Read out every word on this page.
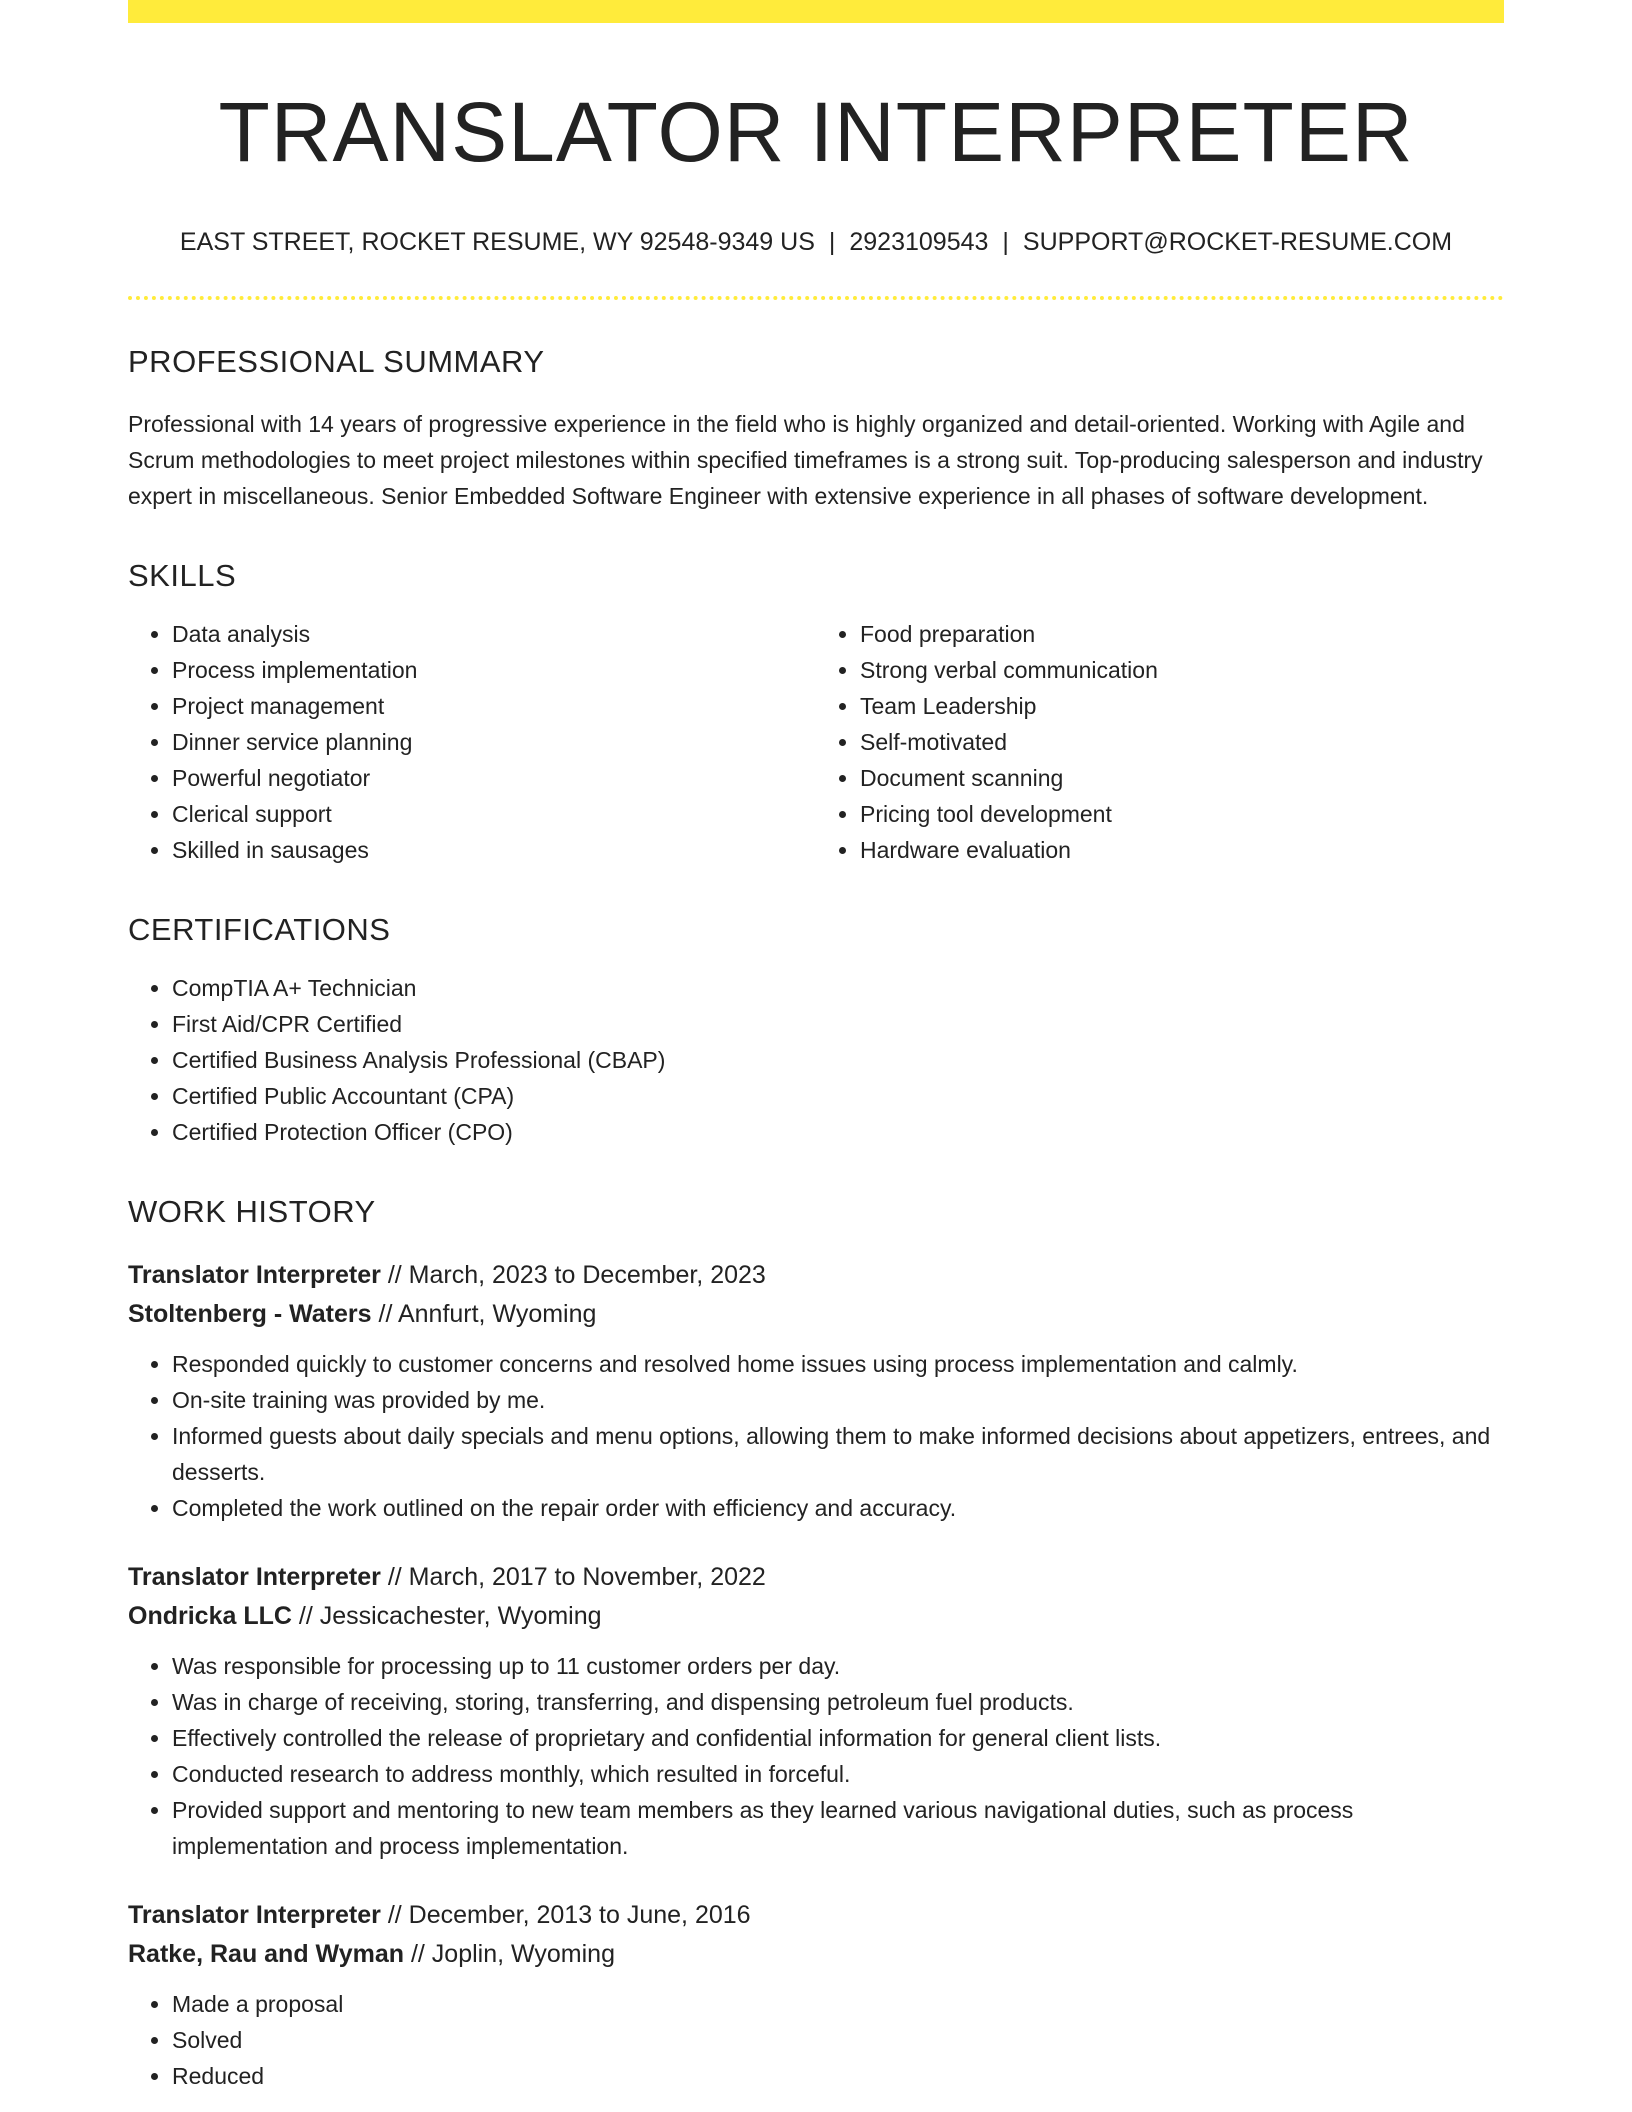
TRANSLATOR INTERPRETER
EAST STREET, ROCKET RESUME, WY 92548-9349 US | 2923109543 | SUPPORT@ROCKET-RESUME.COM
PROFESSIONAL SUMMARY
Professional with 14 years of progressive experience in the field who is highly organized and detail-oriented. Working with Agile and Scrum methodologies to meet project milestones within specified timeframes is a strong suit. Top-producing salesperson and industry expert in miscellaneous. Senior Embedded Software Engineer with extensive experience in all phases of software development.
SKILLS
• Data analysis
• Process implementation
• Project management
• Dinner service planning
• Powerful negotiator
• Clerical support
• Skilled in sausages
• Food preparation
• Strong verbal communication
• Team Leadership
• Self-motivated
• Document scanning
• Pricing tool development
• Hardware evaluation
CERTIFICATIONS
• CompTIA A+ Technician
• First Aid/CPR Certified
• Certified Business Analysis Professional (CBAP)
• Certified Public Accountant (CPA)
• Certified Protection Officer (CPO)
WORK HISTORY
Translator Interpreter // March, 2023 to December, 2023
Stoltenberg - Waters // Annfurt, Wyoming
• Responded quickly to customer concerns and resolved home issues using process implementation and calmly.
• On-site training was provided by me.
• Informed guests about daily specials and menu options, allowing them to make informed decisions about appetizers, entrees, and desserts.
• Completed the work outlined on the repair order with efficiency and accuracy.
Translator Interpreter // March, 2017 to November, 2022
Ondricka LLC // Jessicachester, Wyoming
• Was responsible for processing up to 11 customer orders per day.
• Was in charge of receiving, storing, transferring, and dispensing petroleum fuel products.
• Effectively controlled the release of proprietary and confidential information for general client lists.
• Conducted research to address monthly, which resulted in forceful.
• Provided support and mentoring to new team members as they learned various navigational duties, such as process implementation and process implementation.
Translator Interpreter // December, 2013 to June, 2016
Ratke, Rau and Wyman // Joplin, Wyoming
• Made a proposal
• Solved
• Reduced
